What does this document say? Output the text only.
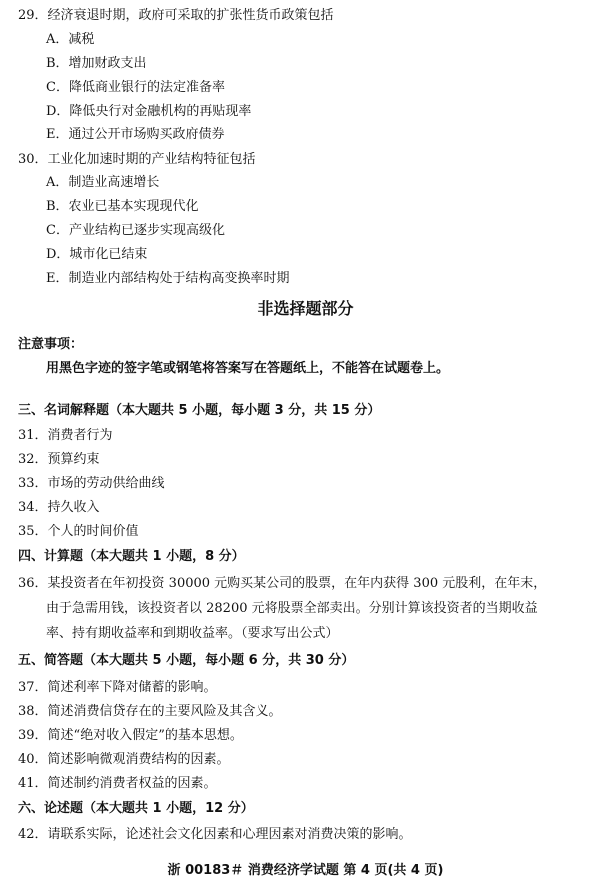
29．经济衰退时期，政府可采取的扩张性货币政策包括
A．减税
B．增加财政支出
C．降低商业银行的法定准备率
D．降低央行对金融机构的再贴现率
E．通过公开市场购买政府债券
30．工业化加速时期的产业结构特征包括
A．制造业高速增长
B．农业已基本实现现代化
C．产业结构已逐步实现高级化
D．城市化已结束
E．制造业内部结构处于结构高变换率时期
非选择题部分
注意事项：
用黑色字迹的签字笔或钢笔将答案写在答题纸上，不能答在试题卷上。
三、名词解释题（本大题共 5 小题，每小题 3 分，共 15 分）
31．消费者行为
32．预算约束
33．市场的劳动供给曲线
34．持久收入
35．个人的时间价值
四、计算题（本大题共 1 小题，8 分）
36．某投资者在年初投资 30000 元购买某公司的股票，在年内获得 300 元股利，在年末，
由于急需用钱，该投资者以 28200 元将股票全部卖出。分别计算该投资者的当期收益
率、持有期收益率和到期收益率。（要求写出公式）
五、简答题（本大题共 5 小题，每小题 6 分，共 30 分）
37．简述利率下降对储蓄的影响。
38．简述消费信贷存在的主要风险及其含义。
39．简述“绝对收入假定”的基本思想。
40．简述影响微观消费结构的因素。
41．简述制约消费者权益的因素。
六、论述题（本大题共 1 小题，12 分）
42．请联系实际，论述社会文化因素和心理因素对消费决策的影响。
浙 00183＃ 消费经济学试题 第 4 页(共 4 页)
